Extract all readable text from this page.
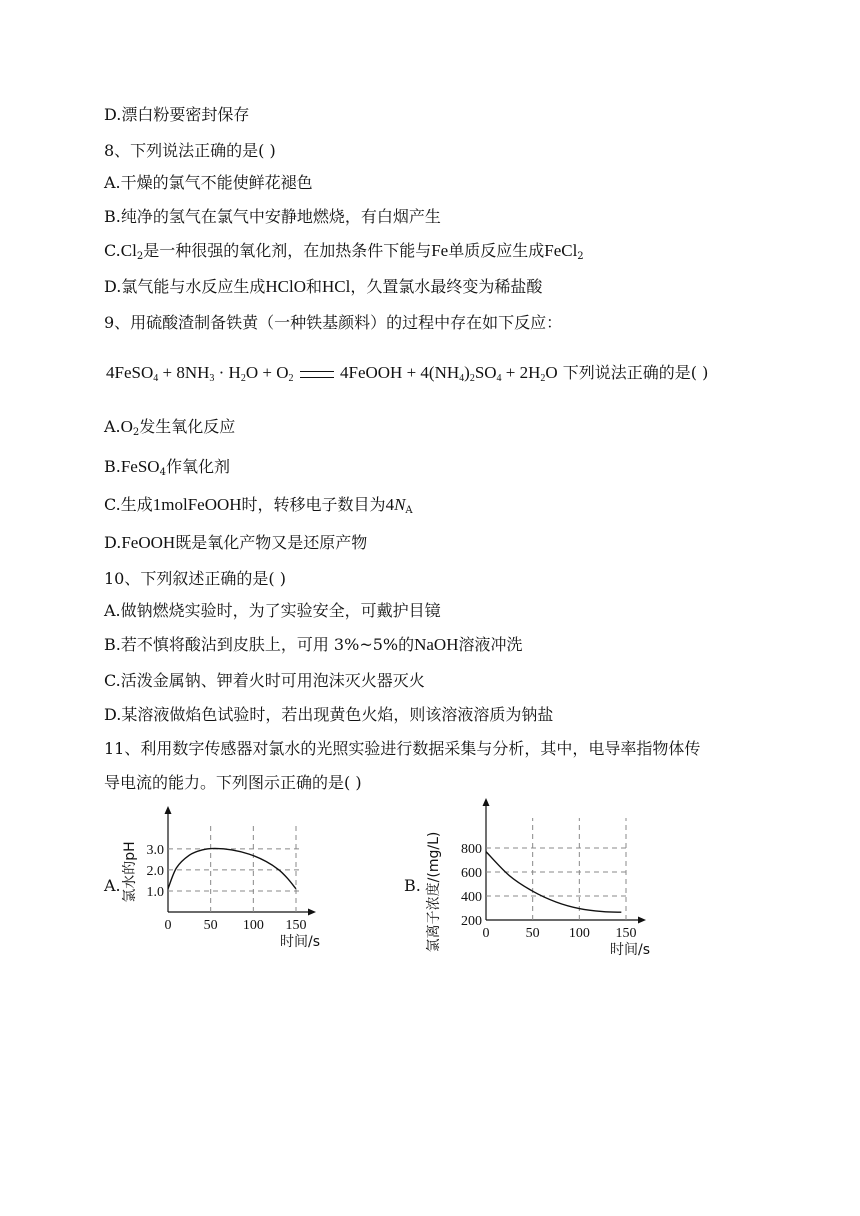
D.漂白粉要密封保存
8、下列说法正确的是( )
A.干燥的氯气不能使鲜花褪色
B.纯净的氢气在氯气中安静地燃烧，有白烟产生
$C.Cl_2$是一种很强的氧化剂，在加热条件下能与Fe单质反应生成FeCl$_2$
D.氯气能与水反应生成HClO和HCl，久置氯水最终变为稀盐酸
9、用硫酸渣制备铁黄（一种铁基颜料）的过程中存在如下反应：
4FeSO$_4$ + $8NH_3 \cdot H_2O + O_2$  4FeOOH + $4(NH_4)_2SO_4 + 2H_2O$ 下列说法正确的是( )
$A.O_2$发生氧化反应
B.FeSO$_4$作氧化剂
C.生成1molFeOOH时，转移电子数目为$4N_A$
D.FeOOH既是氧化产物又是还原产物
10、下列叙述正确的是( )
A.做钠燃烧实验时，为了实验安全，可戴护目镜
B.若不慎将酸沾到皮肤上，可用 3%~5%的NaOH溶液冲洗
C.活泼金属钠、钾着火时可用泡沫灭火器灭火
D.某溶液做焰色试验时，若出现黄色火焰，则该溶液溶质为钠盐
11、利用数字传感器对氯水的光照实验进行数据采集与分析，其中，电导率指物体传
导电流的能力。下列图示正确的是( )
A.	B.
0 50 100 150
1.0
2.0
3.0
时间/s
氯水的pH
0	50 100 150
200
400
600
800
时间/s
氯离子浓度/(mg/L)
